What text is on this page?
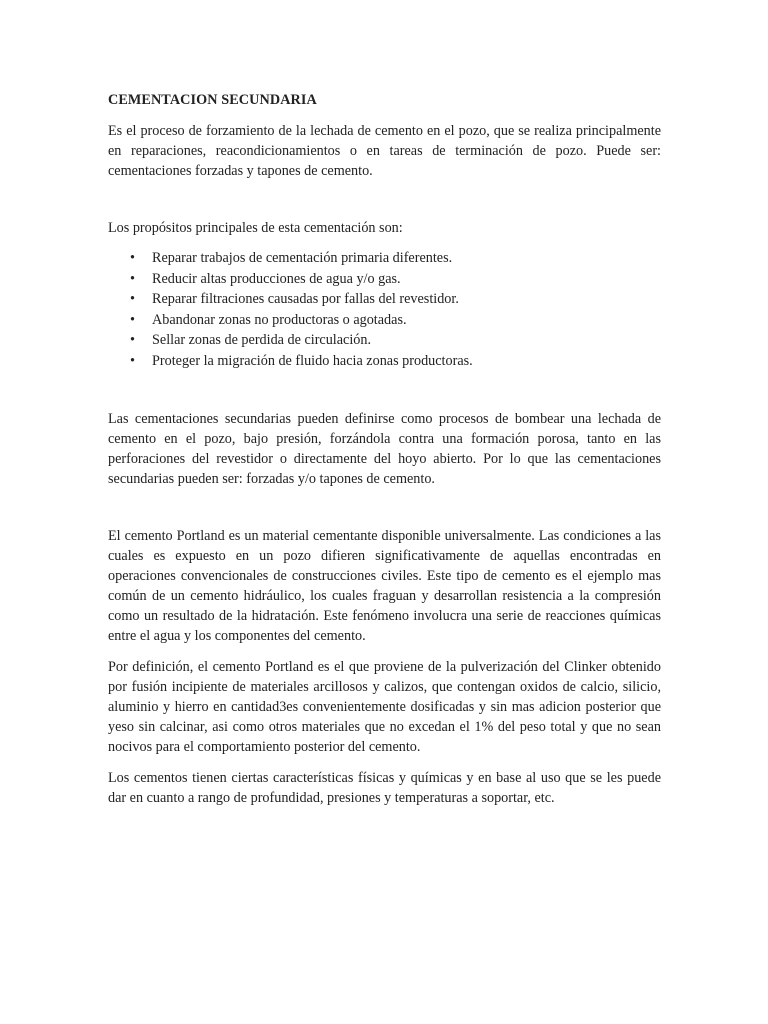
CEMENTACION SECUNDARIA

Es el proceso de forzamiento de la lechada de cemento en el pozo, que se realiza principalmente en reparaciones, reacondicionamientos o en tareas de terminación de pozo. Puede ser: cementaciones forzadas y tapones de cemento.

Los propósitos principales de esta cementación son:

• Reparar trabajos de cementación primaria diferentes.
• Reducir altas producciones de agua y/o gas.
• Reparar filtraciones causadas por fallas del revestidor.
• Abandonar zonas no productoras o agotadas.
• Sellar zonas de perdida de circulación.
• Proteger la migración de fluido hacia zonas productoras.

Las cementaciones secundarias pueden definirse como procesos de bombear una lechada de cemento en el pozo, bajo presión, forzándola contra una formación porosa, tanto en las perforaciones del revestidor o directamente del hoyo abierto. Por lo que las cementaciones secundarias pueden ser: forzadas y/o tapones de cemento.

El cemento Portland es un material cementante disponible universalmente. Las condiciones a las cuales es expuesto en un pozo difieren significativamente de aquellas encontradas en operaciones convencionales de construcciones civiles. Este tipo de cemento es el ejemplo mas común de un cemento hidráulico, los cuales fraguan y desarrollan resistencia a la compresión como un resultado de la hidratación. Este fenómeno involucra una serie de reacciones químicas entre el agua y los componentes del cemento.

Por definición, el cemento Portland es el que proviene de la pulverización del Clinker obtenido por fusión incipiente de materiales arcillosos y calizos, que contengan oxidos de calcio, silicio, aluminio y hierro en cantidad3es convenientemente dosificadas y sin mas adicion posterior que yeso sin calcinar, asi como otros materiales que no excedan el 1% del peso total y que no sean nocivos para el comportamiento posterior del cemento.

Los cementos tienen ciertas características físicas y químicas y en base al uso que se les puede dar en cuanto a rango de profundidad, presiones y temperaturas a soportar, etc.
